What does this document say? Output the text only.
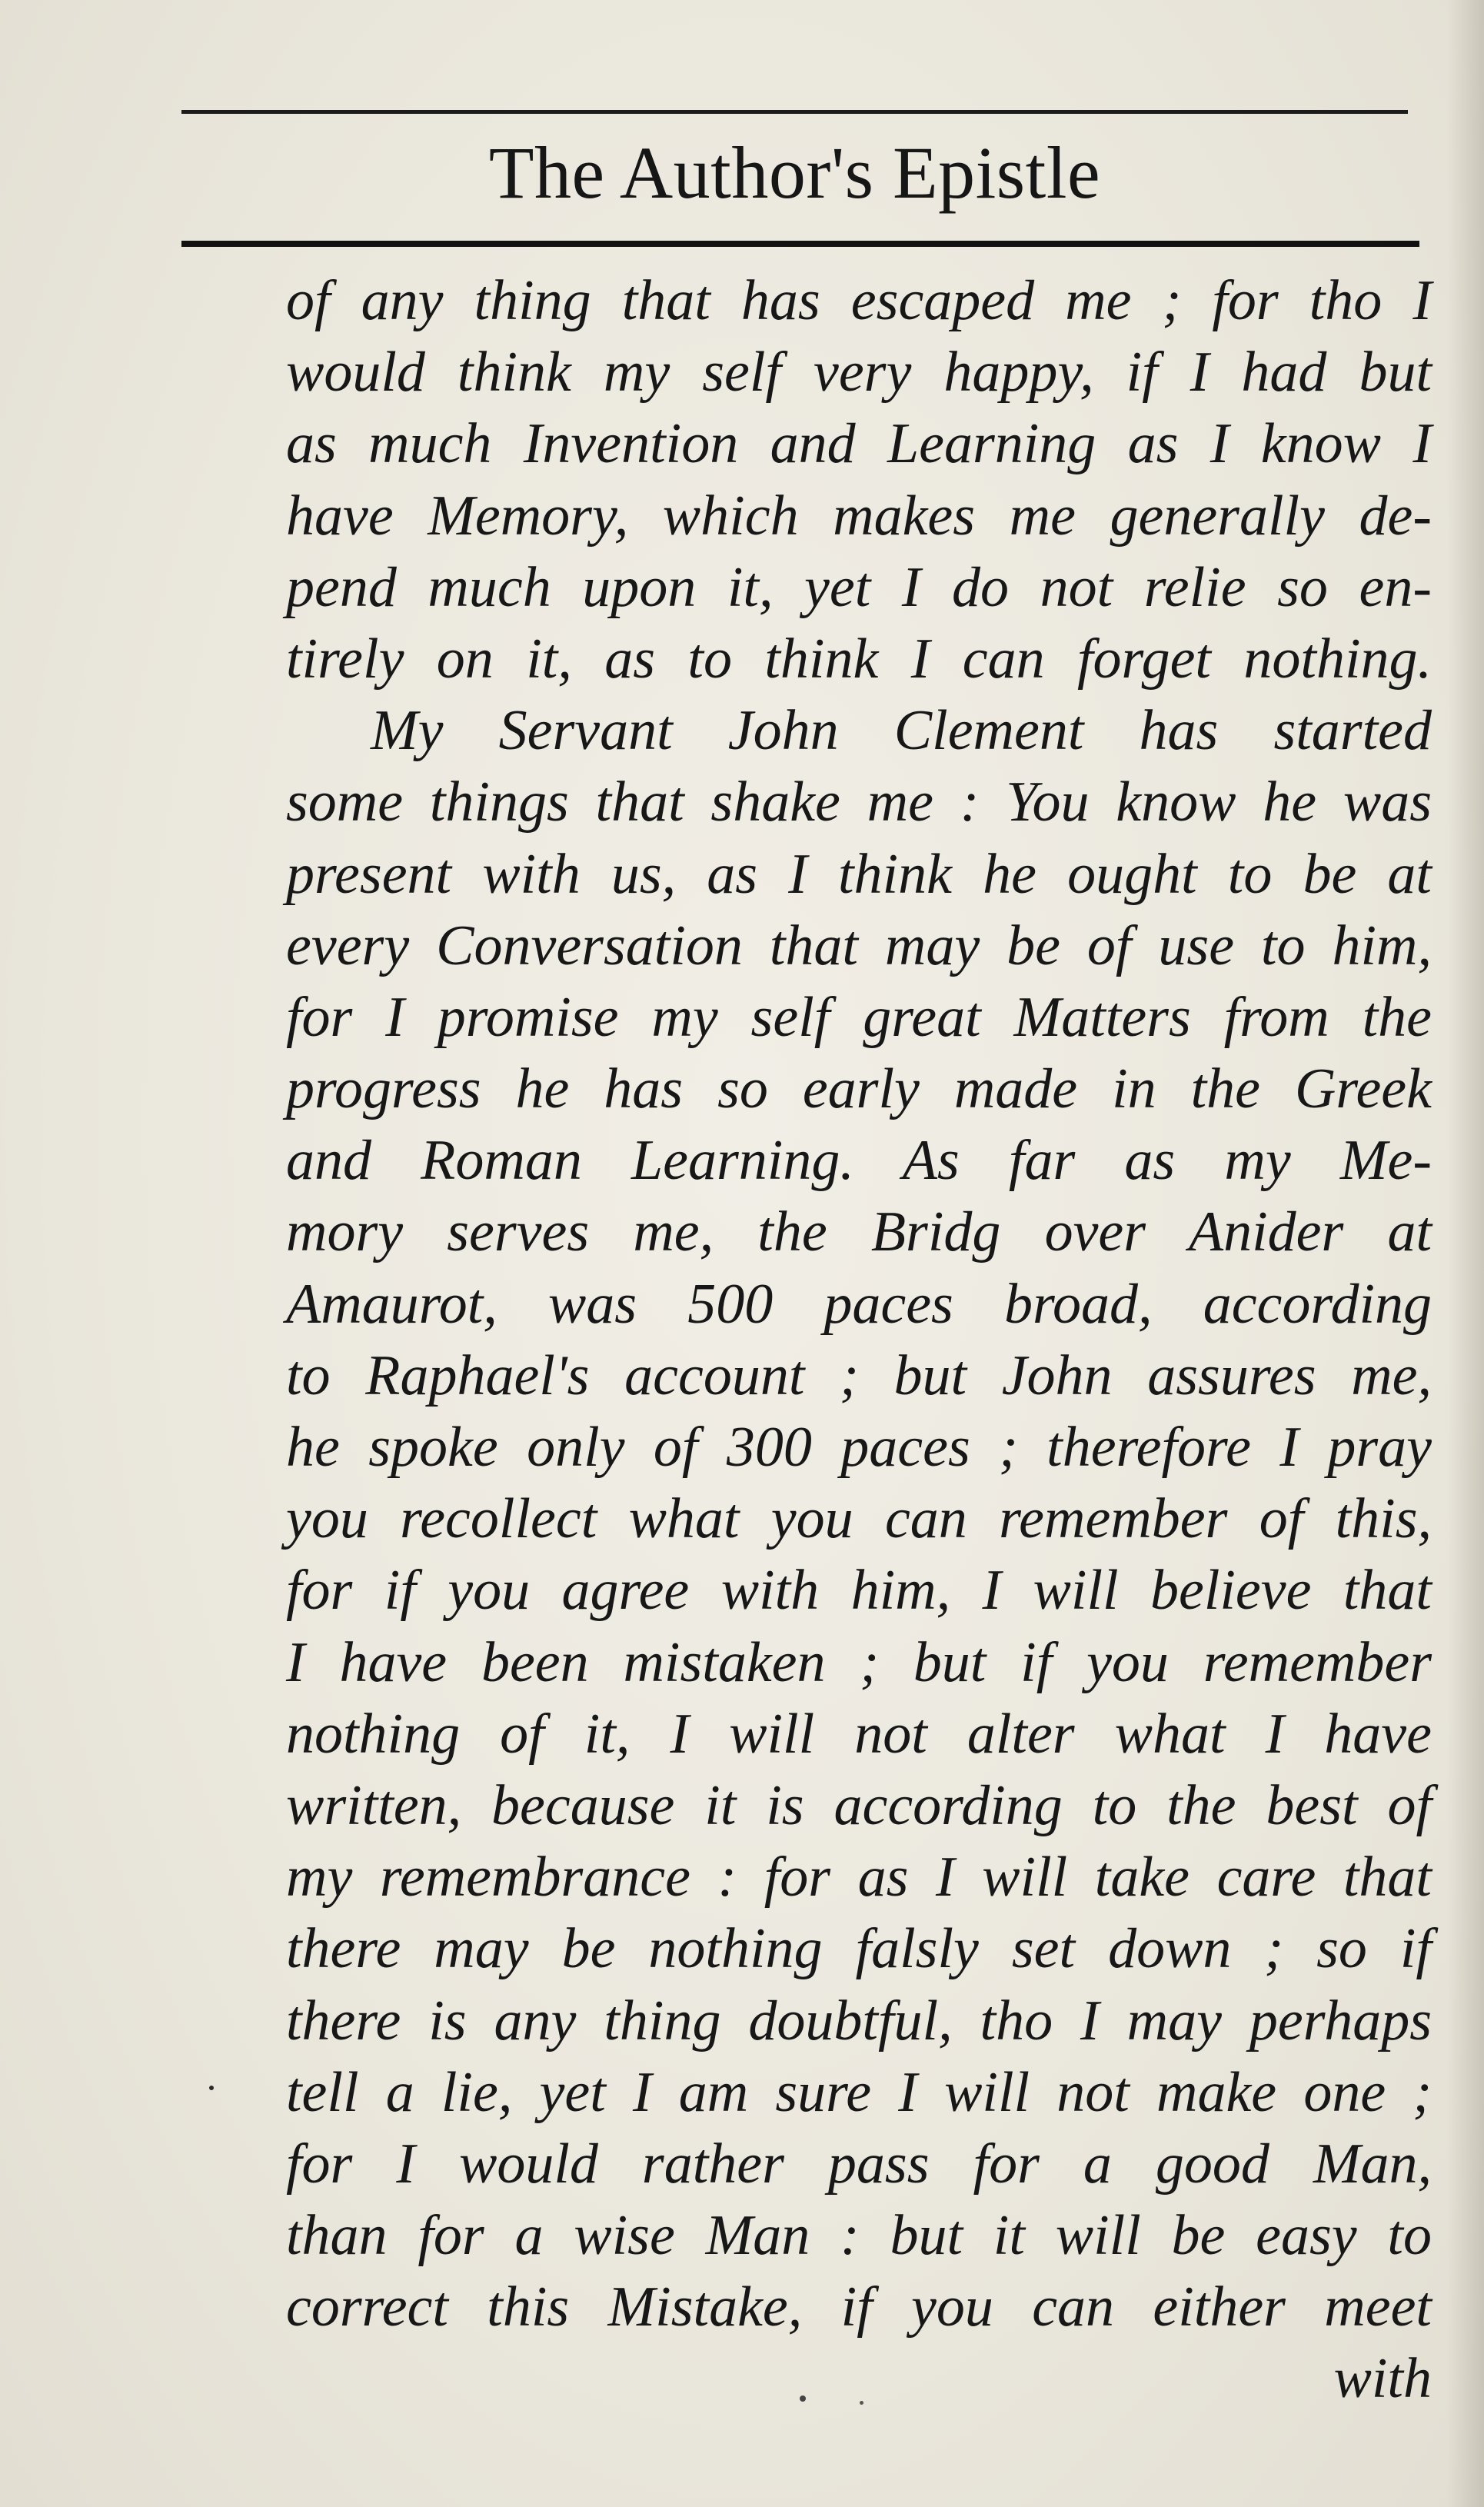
The Author's Epistle
of any thing that has escaped me ; for tho I
would think my self very happy, if I had but
as much Invention and Learning as I know I
have Memory, which makes me generally de-
pend much upon it, yet I do not relie so en-
tirely on it, as to think I can forget nothing.
My Servant John Clement has started
some things that shake me : You know he was
present with us, as I think he ought to be at
every Conversation that may be of use to him,
for I promise my self great Matters from the
progress he has so early made in the Greek
and Roman Learning. As far as my Me-
mory serves me, the Bridg over Anider at
Amaurot, was 500 paces broad, according
to Raphael's account ; but John assures me,
he spoke only of 300 paces ; therefore I pray
you recollect what you can remember of this,
for if you agree with him, I will believe that
I have been mistaken ; but if you remember
nothing of it, I will not alter what I have
written, because it is according to the best of
my remembrance : for as I will take care that
there may be nothing falsly set down ; so if
there is any thing doubtful, tho I may perhaps
tell a lie, yet I am sure I will not make one ;
for I would rather pass for a good Man,
than for a wise Man : but it will be easy to
correct this Mistake, if you can either meet
with
